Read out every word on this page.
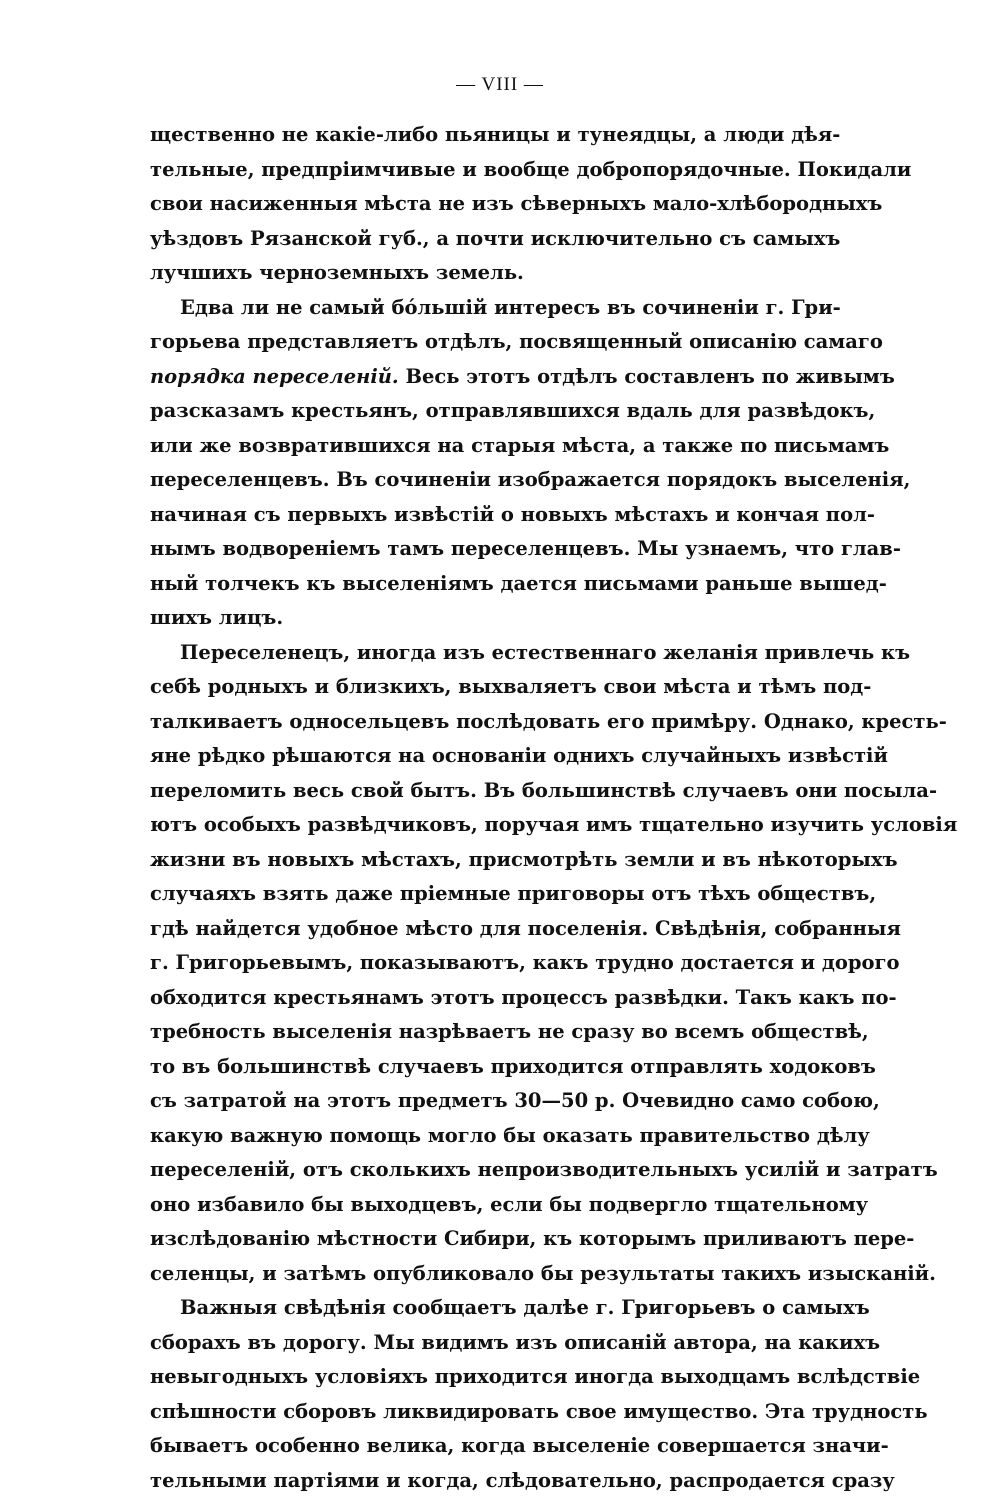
— VIII —
щественно не какіе-либо пьяницы и тунеядцы, а люди дѣя-
тельные, предпріимчивые и вообще добропорядочные. Покидали
свои насиженныя мѣста не изъ сѣверныхъ мало-хлѣбородныхъ
уѣздовъ Рязанской губ., а почти исключительно съ самыхъ
лучшихъ черноземныхъ земель.
Едва ли не самый бóльшій интересъ въ сочиненіи г. Гри-
горьева представляетъ отдѣлъ, посвященный описанію самаго
порядка переселеній. Весь этотъ отдѣлъ составленъ по живымъ
разсказамъ крестьянъ, отправлявшихся вдаль для развѣдокъ,
или же возвратившихся на старыя мѣста, а также по письмамъ
переселенцевъ. Въ сочиненіи изображается порядокъ выселенія,
начиная съ первыхъ извѣстій о новыхъ мѣстахъ и кончая пол-
нымъ водвореніемъ тамъ переселенцевъ. Мы узнаемъ, что глав-
ный толчекъ къ выселеніямъ дается письмами раньше вышед-
шихъ лицъ.
Переселенецъ, иногда изъ естественнаго желанія привлечь къ
себѣ родныхъ и близкихъ, выхваляетъ свои мѣста и тѣмъ под-
талкиваетъ односельцевъ послѣдовать его примѣру. Однако, кресть-
яне рѣдко рѣшаются на основаніи однихъ случайныхъ извѣстій
переломить весь свой бытъ. Въ большинствѣ случаевъ они посыла-
ютъ особыхъ развѣдчиковъ, поручая имъ тщательно изучить условія
жизни въ новыхъ мѣстахъ, присмотрѣть земли и въ нѣкоторыхъ
случаяхъ взять даже пріемные приговоры отъ тѣхъ обществъ,
гдѣ найдется удобное мѣсто для поселенія. Свѣдѣнія, собранныя
г. Григорьевымъ, показываютъ, какъ трудно достается и дорого
обходится крестьянамъ этотъ процессъ развѣдки. Такъ какъ по-
требность выселенія назрѣваетъ не сразу во всемъ обществѣ,
то въ большинствѣ случаевъ приходится отправлять ходоковъ
съ затратой на этотъ предметъ 30—50 р. Очевидно само собою,
какую важную помощь могло бы оказать правительство дѣлу
переселеній, отъ сколькихъ непроизводительныхъ усилій и затратъ
оно избавило бы выходцевъ, если бы подвергло тщательному
изслѣдованію мѣстности Сибири, къ которымъ приливаютъ пере-
селенцы, и затѣмъ опубликовало бы результаты такихъ изысканій.
Важныя свѣдѣнія сообщаетъ далѣе г. Григорьевъ о самыхъ
сборахъ въ дорогу. Мы видимъ изъ описаній автора, на какихъ
невыгодныхъ условіяхъ приходится иногда выходцамъ вслѣдствіе
спѣшности сборовъ ликвидировать свое имущество. Эта трудность
бываетъ особенно велика, когда выселеніе совершается значи-
тельными партіями и когда, слѣдовательно, распродается сразу
